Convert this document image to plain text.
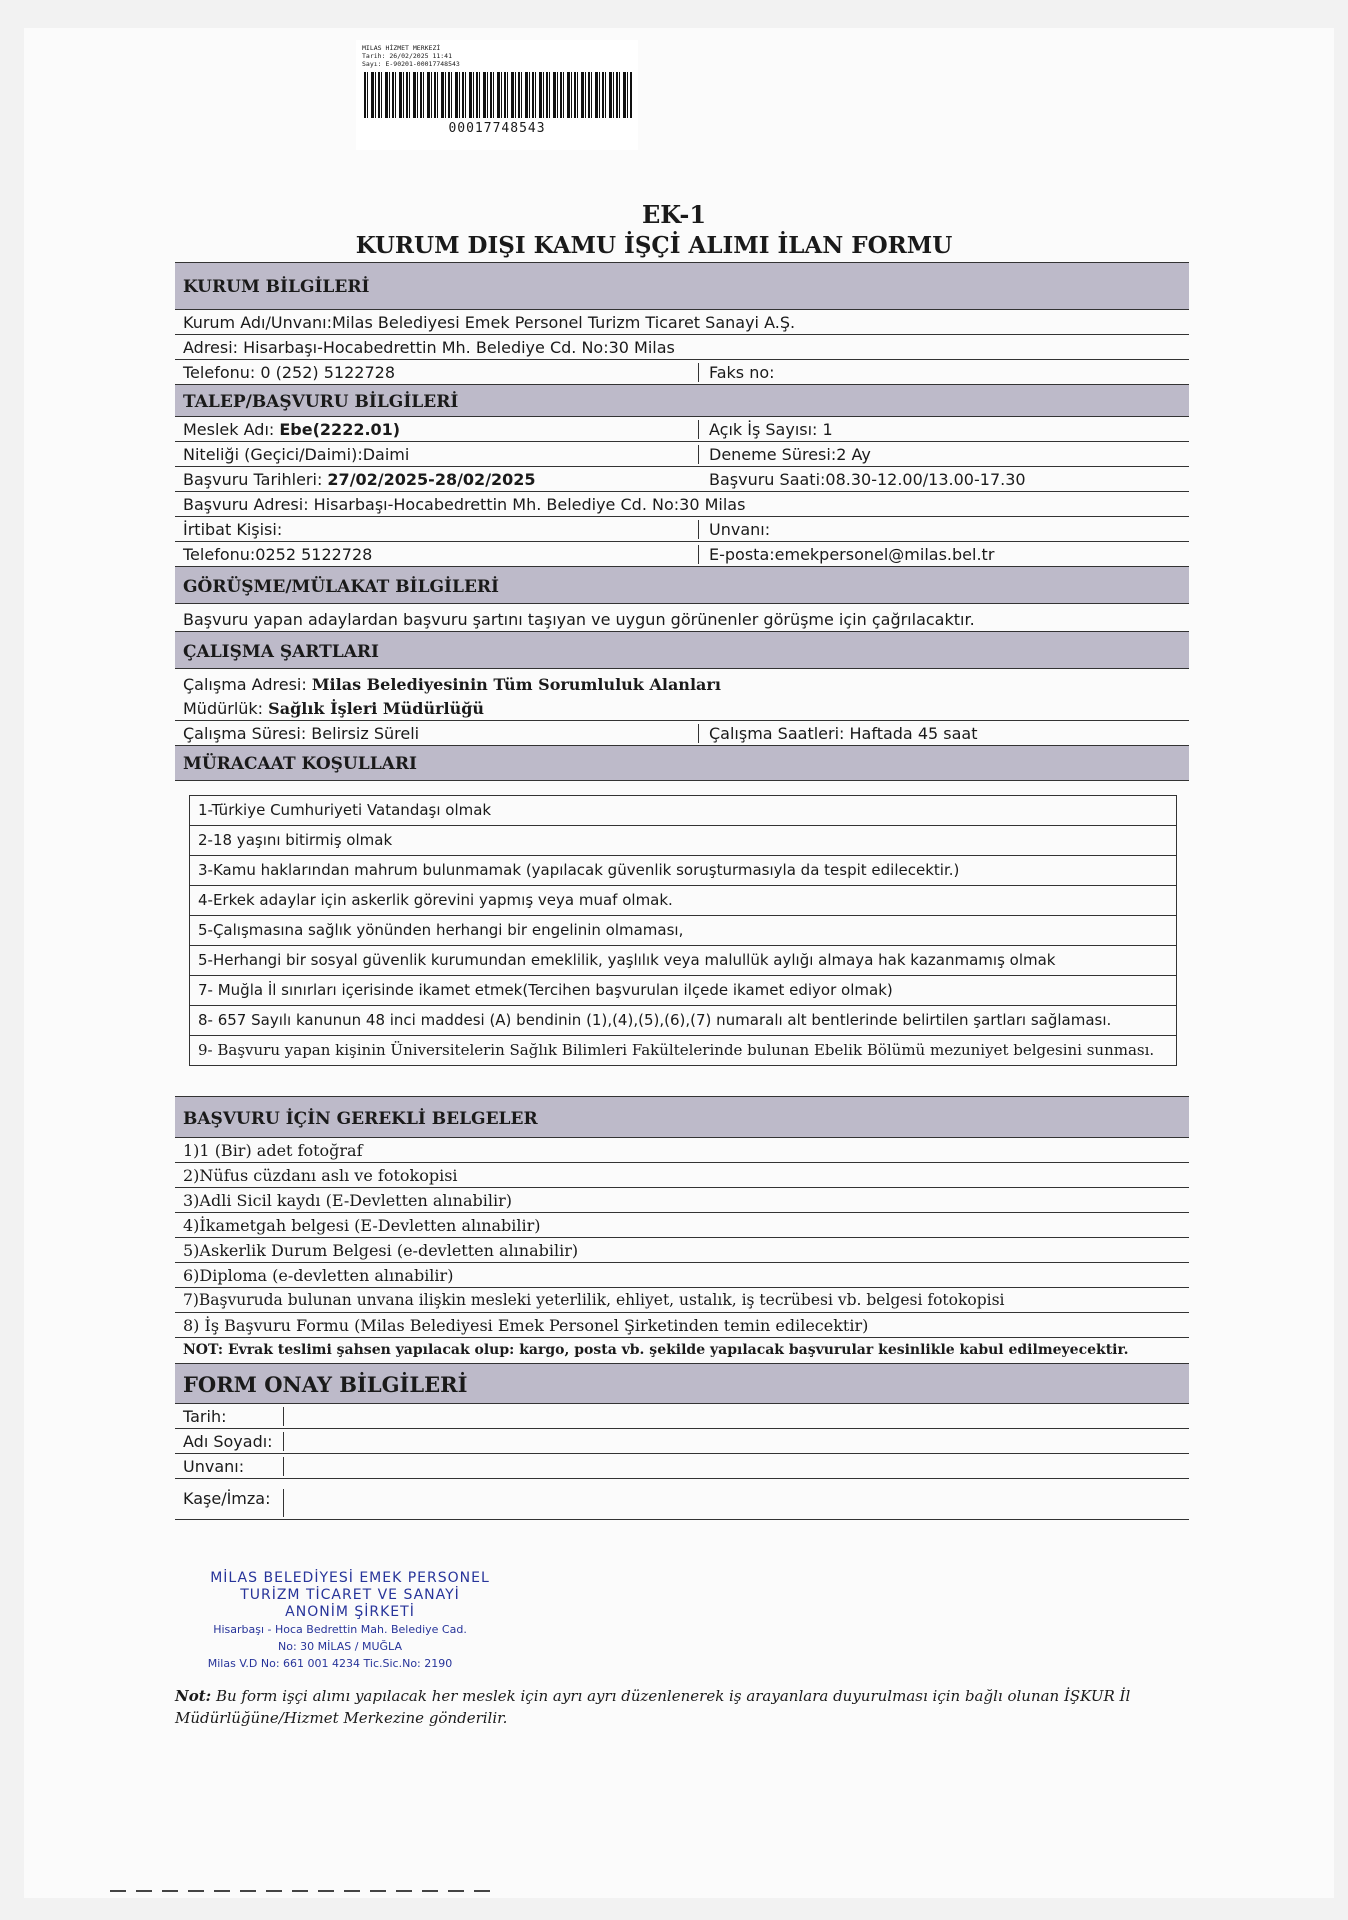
MILAS HİZMET MERKEZİ
Tarih: 26/02/2025 11:41
Sayı: E-90201-00017748543
00017748543
EK-1
KURUM DIŞI KAMU İŞÇİ ALIMI İLAN FORMU
KURUM BİLGİLERİ
Kurum Adı/Unvanı:Milas Belediyesi Emek Personel Turizm Ticaret Sanayi A.Ş.
Adresi: Hisarbaşı-Hocabedrettin Mh. Belediye Cd. No:30 Milas
Telefonu: 0 (252) 5122728	Faks no:
TALEP/BAŞVURU BİLGİLERİ
Meslek Adı: Ebe(2222.01)	Açık İş Sayısı: 1
Niteliği (Geçici/Daimi):Daimi	Deneme Süresi:2 Ay
Başvuru Tarihleri: 27/02/2025-28/02/2025	Başvuru Saati:08.30-12.00/13.00-17.30
Başvuru Adresi: Hisarbaşı-Hocabedrettin Mh. Belediye Cd. No:30 Milas
İrtibat Kişisi:	Unvanı:
Telefonu:0252 5122728	E-posta:emekpersonel@milas.bel.tr
GÖRÜŞME/MÜLAKAT BİLGİLERİ
Başvuru yapan adaylardan başvuru şartını taşıyan ve uygun görünenler görüşme için çağrılacaktır.
ÇALIŞMA ŞARTLARI
Çalışma Adresi: Milas Belediyesinin Tüm Sorumluluk Alanları
Müdürlük: Sağlık İşleri Müdürlüğü
Çalışma Süresi: Belirsiz Süreli	Çalışma Saatleri: Haftada 45 saat
MÜRACAAT KOŞULLARI
1-Türkiye Cumhuriyeti Vatandaşı olmak
2-18 yaşını bitirmiş olmak
3-Kamu haklarından mahrum bulunmamak (yapılacak güvenlik soruşturmasıyla da tespit edilecektir.)
4-Erkek adaylar için askerlik görevini yapmış veya muaf olmak.
5-Çalışmasına sağlık yönünden herhangi bir engelinin olmaması,
5-Herhangi bir sosyal güvenlik kurumundan emeklilik, yaşlılık veya malullük aylığı almaya hak kazanmamış olmak
7- Muğla İl sınırları içerisinde ikamet etmek(Tercihen başvurulan ilçede ikamet ediyor olmak)
8- 657 Sayılı kanunun 48 inci maddesi (A) bendinin (1),(4),(5),(6),(7) numaralı alt bentlerinde belirtilen şartları sağlaması.
9- Başvuru yapan kişinin Üniversitelerin Sağlık Bilimleri Fakültelerinde bulunan Ebelik Bölümü mezuniyet belgesini sunması.
BAŞVURU İÇİN GEREKLİ BELGELER
1)1 (Bir) adet fotoğraf
2)Nüfus cüzdanı aslı ve fotokopisi
3)Adli Sicil kaydı (E-Devletten alınabilir)
4)İkametgah belgesi (E-Devletten alınabilir)
5)Askerlik Durum Belgesi (e-devletten alınabilir)
6)Diploma (e-devletten alınabilir)
7)Başvuruda bulunan unvana ilişkin mesleki yeterlilik, ehliyet, ustalık, iş tecrübesi vb. belgesi fotokopisi
8) İş Başvuru Formu (Milas Belediyesi Emek Personel Şirketinden temin edilecektir)
NOT: Evrak teslimi şahsen yapılacak olup: kargo, posta vb. şekilde yapılacak başvurular kesinlikle kabul edilmeyecektir.
FORM ONAY BİLGİLERİ
Tarih:
Adı Soyadı:
Unvanı:
Kaşe/İmza:
MİLAS BELEDİYESİ EMEK PERSONEL
TURİZM TİCARET VE SANAYİ
ANONİM ŞİRKETİ
Hisarbaşı - Hoca Bedrettin Mah. Belediye Cad.
No: 30 MİLAS / MUĞLA
Milas V.D No: 661 001 4234 Tic.Sic.No: 2190
Not: Bu form işçi alımı yapılacak her meslek için ayrı ayrı düzenlenerek iş arayanlara duyurulması için bağlı olunan İŞKUR İl Müdürlüğüne/Hizmet Merkezine gönderilir.
